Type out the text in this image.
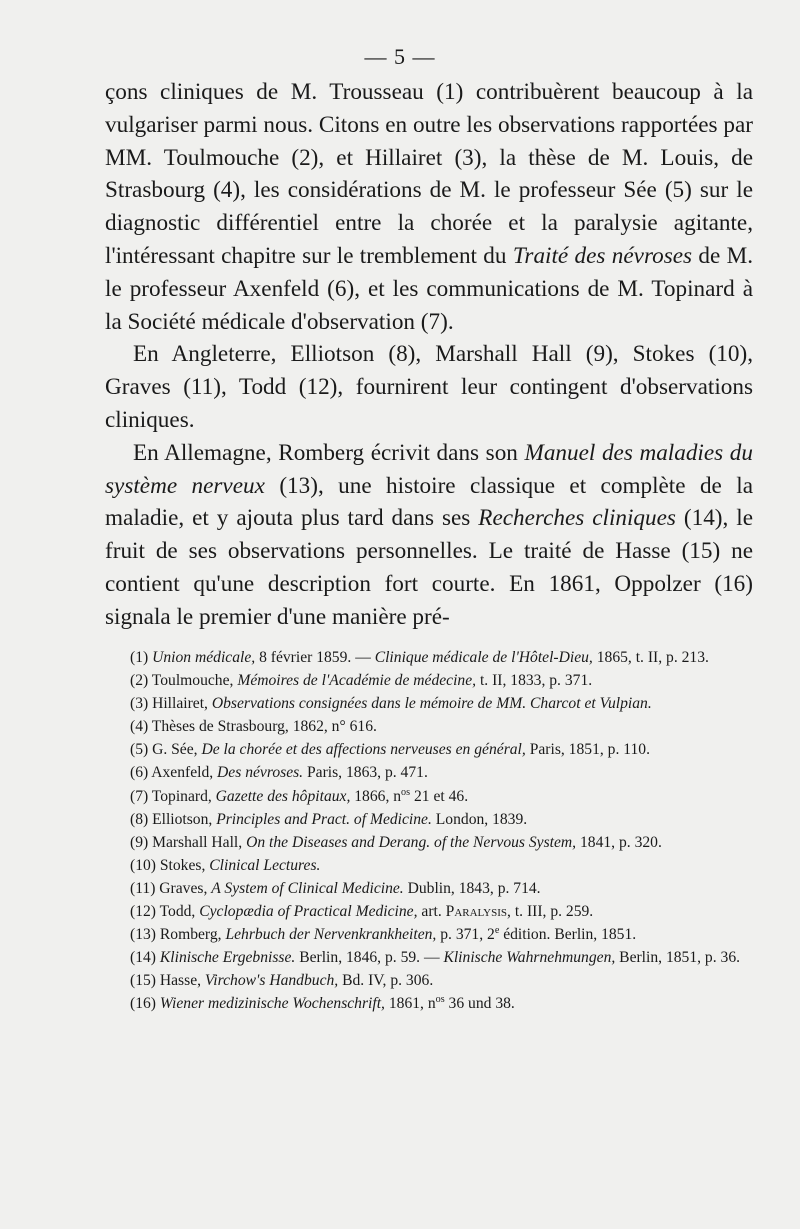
— 5 —

çons cliniques de M. Trousseau (1) contribuèrent beaucoup à la vulgariser parmi nous. Citons en outre les observations rapportées par MM. Toulmouche (2), et Hillairet (3), la thèse de M. Louis, de Strasbourg (4), les considérations de M. le professeur Sée (5) sur le diagnostic différentiel entre la chorée et la paralysie agitante, l'intéressant chapitre sur le tremblement du Traité des névroses de M. le professeur Axenfeld (6), et les communications de M. Topinard à la Société médicale d'observation (7).

En Angleterre, Elliotson (8), Marshall Hall (9), Stokes (10), Graves (11), Todd (12), fournirent leur contingent d'observations cliniques.

En Allemagne, Romberg écrivit dans son Manuel des maladies du système nerveux (13), une histoire classique et complète de la maladie, et y ajouta plus tard dans ses Recherches cliniques (14), le fruit de ses observations personnelles. Le traité de Hasse (15) ne contient qu'une description fort courte. En 1861, Oppolzer (16) signala le premier d'une manière pré-

(1) Union médicale, 8 février 1859. — Clinique médicale de l'Hôtel-Dieu, 1865, t. II, p. 213.

(2) Toulmouche, Mémoires de l'Académie de médecine, t. II, 1833, p. 371.

(3) Hillairet, Observations consignées dans le mémoire de MM. Charcot et Vulpian.

(4) Thèses de Strasbourg, 1862, n° 616.

(5) G. Sée, De la chorée et des affections nerveuses en général, Paris, 1851, p. 110.

(6) Axenfeld, Des névroses. Paris, 1863, p. 471.

(7) Topinard, Gazette des hôpitaux, 1866, $n^{os}$ 21 et 46.

(8) Elliotson, Principles and Pract. of Medicine. London, 1839.

(9) Marshall Hall, On the Diseases and Derang. of the Nervous System, 1841, p. 320.

(10) Stokes, Clinical Lectures.

(11) Graves, A System of Clinical Medicine. Dublin, 1843, p. 714.

(12) Todd, Cyclopædia of Practical Medicine, art. Paralysis, t. III, p. 259.

(13) Romberg, Lehrbuch der Nervenkrankheiten, p. 371, 2e édition. Berlin, 1851.

(14) Klinische Ergebnisse. Berlin, 1846, p. 59. — Klinische Wahrnehmungen, Berlin, 1851, p. 36.

(15) Hasse, Virchow's Handbuch, Bd. IV, p. 306.

(16) Wiener medizinische Wochenschrift, 1861, $n^{os}$ 36 und 38.
